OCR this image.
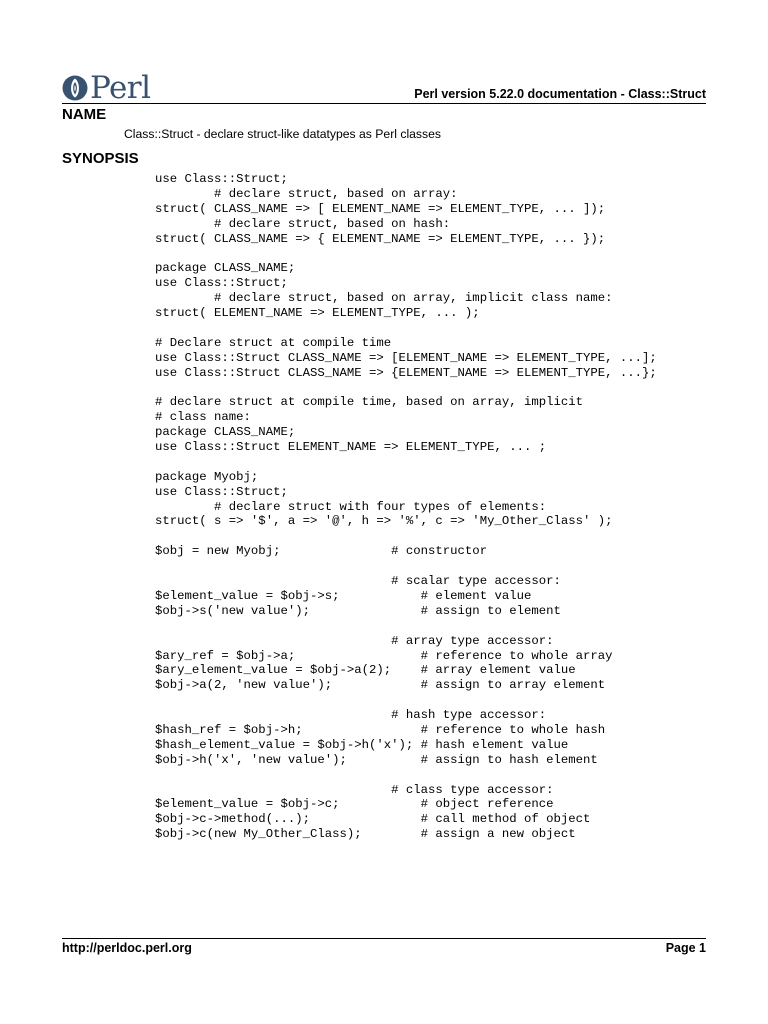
Perl	Perl version 5.22.0 documentation - Class::Struct
NAME
Class::Struct - declare struct-like datatypes as Perl classes
SYNOPSIS
use Class::Struct;
# declare struct, based on array:
struct( CLASS_NAME => [ ELEMENT_NAME => ELEMENT_TYPE, ... ]);
# declare struct, based on hash:
struct( CLASS_NAME => { ELEMENT_NAME => ELEMENT_TYPE, ... });
package CLASS_NAME;
use Class::Struct;
# declare struct, based on array, implicit class name:
struct( ELEMENT_NAME => ELEMENT_TYPE, ... );
# Declare struct at compile time
use Class::Struct CLASS_NAME => [ELEMENT_NAME => ELEMENT_TYPE, ...];
use Class::Struct CLASS_NAME => {ELEMENT_NAME => ELEMENT_TYPE, ...};
# declare struct at compile time, based on array, implicit
# class name:
package CLASS_NAME;
use Class::Struct ELEMENT_NAME => ELEMENT_TYPE, ... ;
package Myobj;
use Class::Struct;
# declare struct with four types of elements:
struct( s => '$', a => '@', h => '%', c => 'My_Other_Class' );
$obj = new Myobj;               # constructor
# scalar type accessor:
$element_value = $obj->s;           # element value
$obj->s('new value');               # assign to element
# array type accessor:
$ary_ref = $obj->a;                 # reference to whole array
$ary_element_value = $obj->a(2);    # array element value
$obj->a(2, 'new value');            # assign to array element
# hash type accessor:
$hash_ref = $obj->h;                # reference to whole hash
$hash_element_value = $obj->h('x'); # hash element value
$obj->h('x', 'new value');          # assign to hash element
# class type accessor:
$element_value = $obj->c;           # object reference
$obj->c->method(...);               # call method of object
$obj->c(new My_Other_Class);        # assign a new object
http://perldoc.perl.org	Page 1
